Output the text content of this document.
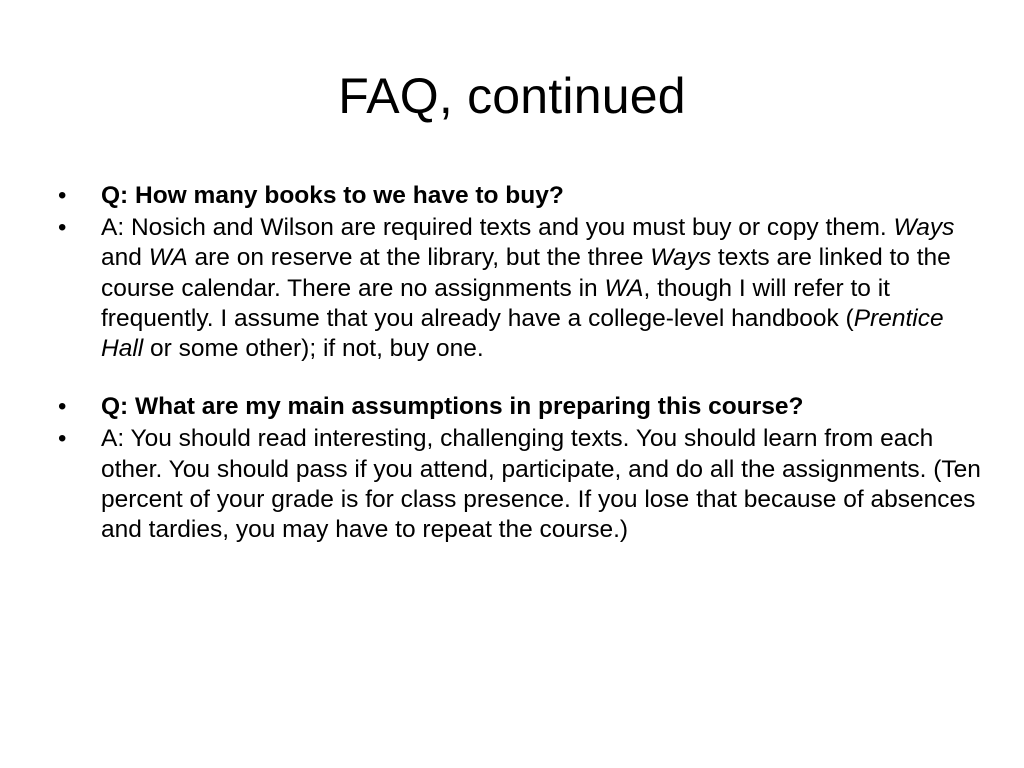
FAQ, continued
•	Q: How many books to we have to buy?
•	A: Nosich and Wilson are required texts and you must buy or copy them. Ways and WA are on reserve at the library, but the three Ways texts are linked to the course calendar. There are no assignments in WA, though I will refer to it frequently. I assume that you already have a college-level handbook (Prentice Hall or some other); if not, buy one.
•	Q: What are my main assumptions in preparing this course?
•	A: You should read interesting, challenging texts. You should learn from each other. You should pass if you attend, participate, and do all the assignments. (Ten percent of your grade is for class presence. If you lose that because of absences and tardies, you may have to repeat the course.)
